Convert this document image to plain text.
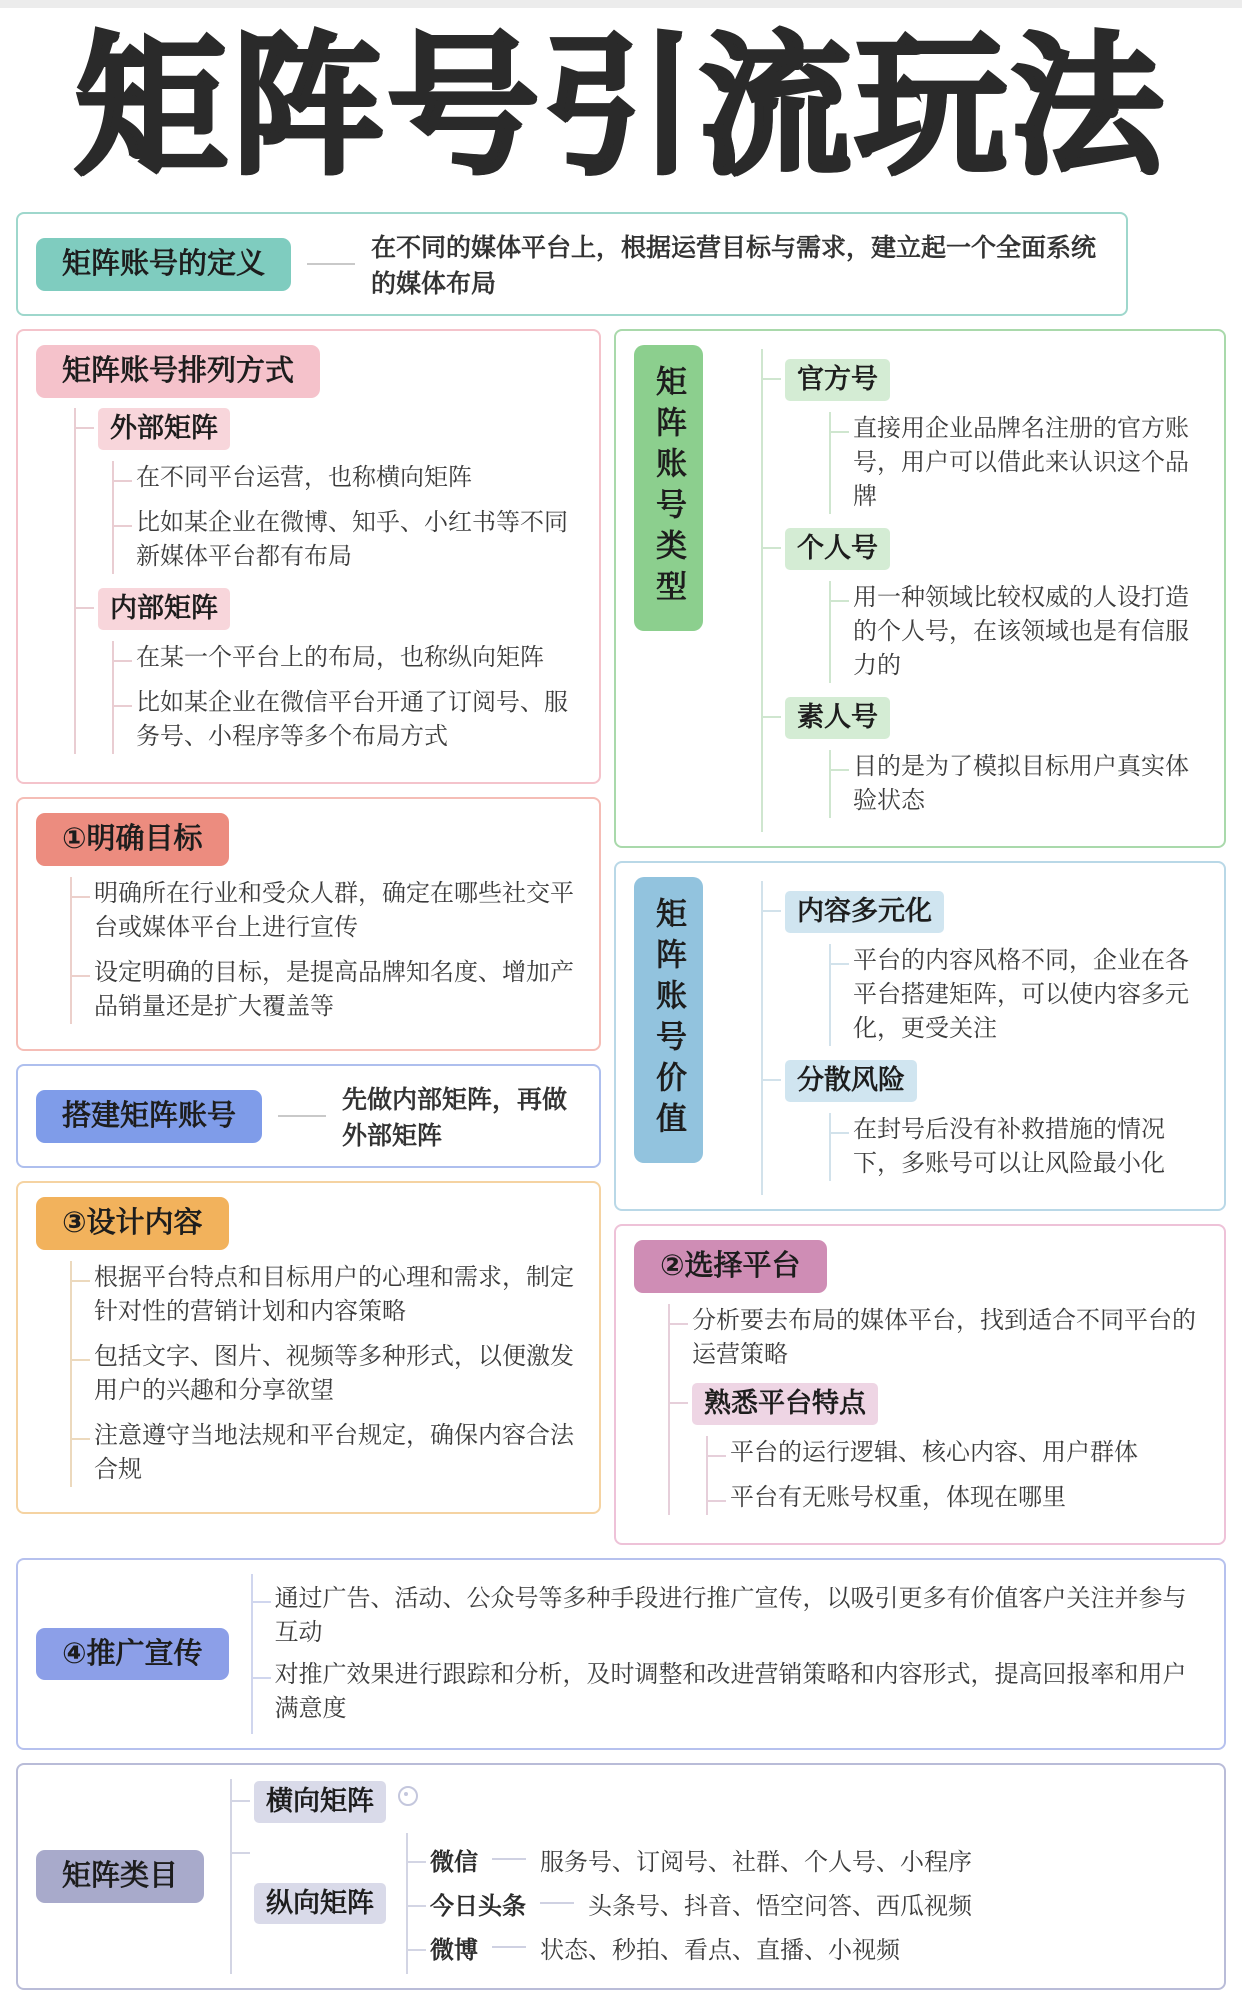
矩阵号引流玩法
矩阵账号的定义	在不同的媒体平台上，根据运营目标与需求，建立起一个全面系统的媒体布局
矩阵账号排列方式
外部矩阵
在不同平台运营，也称横向矩阵
比如某企业在微博、知乎、小红书等不同新媒体平台都有布局
内部矩阵
在某一个平台上的布局，也称纵向矩阵
比如某企业在微信平台开通了订阅号、服务号、小程序等多个布局方式
①明确目标
明确所在行业和受众人群，确定在哪些社交平台或媒体平台上进行宣传
设定明确的目标，是提高品牌知名度、增加产品销量还是扩大覆盖等
搭建矩阵账号	先做内部矩阵，再做外部矩阵
③设计内容
根据平台特点和目标用户的心理和需求，制定针对性的营销计划和内容策略
包括文字、图片、视频等多种形式，以便激发用户的兴趣和分享欲望
注意遵守当地法规和平台规定，确保内容合法合规
矩阵账号类型	官方号
直接用企业品牌名注册的官方账号，用户可以借此来认识这个品牌
个人号
用一种领域比较权威的人设打造的个人号，在该领域也是有信服力的
素人号
目的是为了模拟目标用户真实体验状态
矩阵账号价值	内容多元化
平台的内容风格不同，企业在各平台搭建矩阵，可以使内容多元化，更受关注
分散风险
在封号后没有补救措施的情况下，多账号可以让风险最小化
②选择平台
分析要去布局的媒体平台，找到适合不同平台的运营策略
熟悉平台特点
平台的运行逻辑、核心内容、用户群体
平台有无账号权重，体现在哪里
④推广宣传
通过广告、活动、公众号等多种手段进行推广宣传，以吸引更多有价值客户关注并参与互动
对推广效果进行跟踪和分析，及时调整和改进营销策略和内容形式，提高回报率和用户满意度
矩阵类目
横向矩阵
纵向矩阵
微信	服务号、订阅号、社群、个人号、小程序
今日头条	头条号、抖音、悟空问答、西瓜视频
微博	状态、秒拍、看点、直播、小视频
